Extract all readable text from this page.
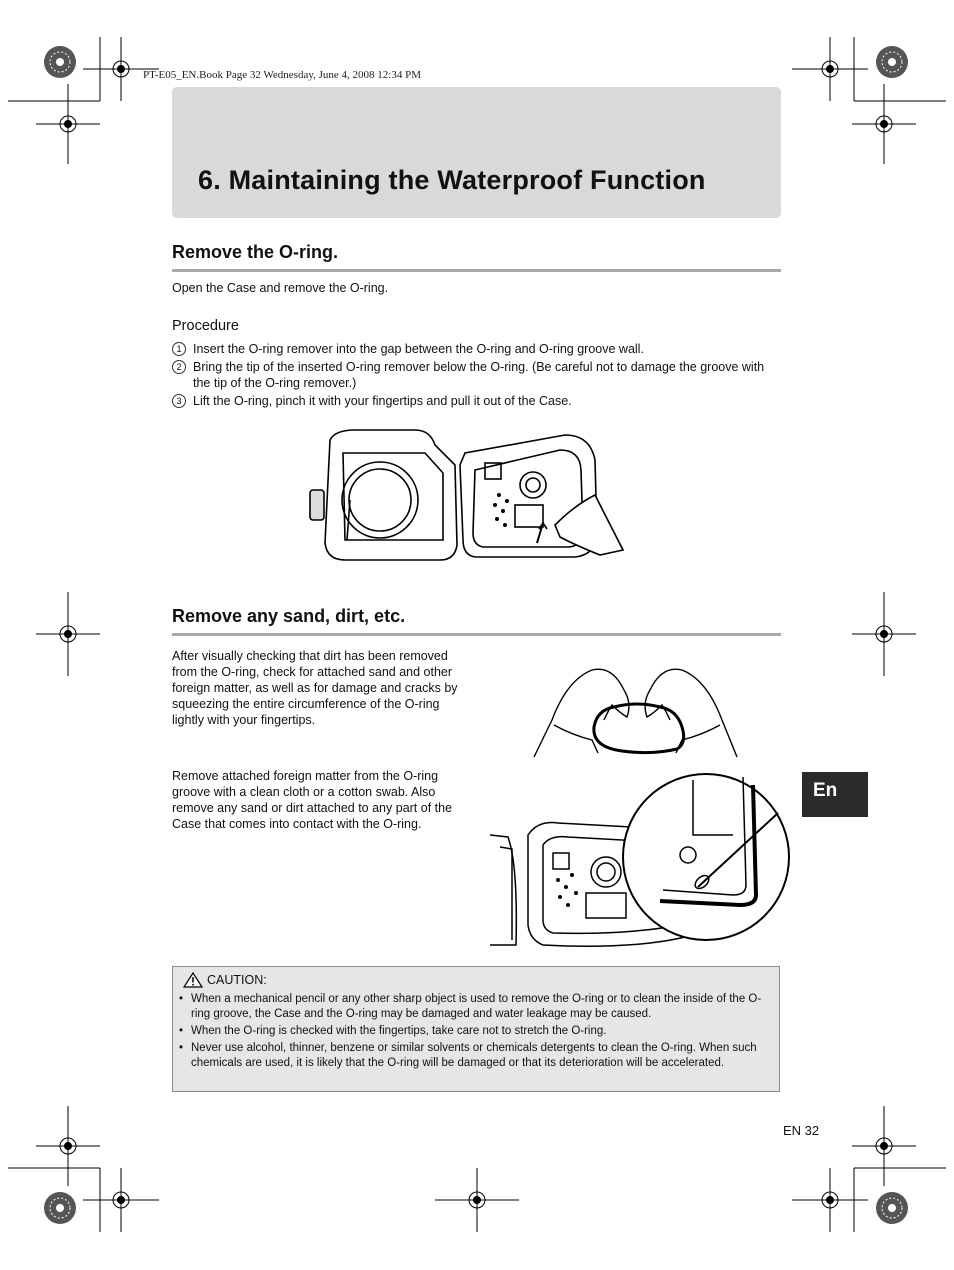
PT-E05_EN.Book Page 32 Wednesday, June 4, 2008 12:34 PM
6. Maintaining the Waterproof Function
Remove the O-ring.
Open the Case and remove the O-ring.
Procedure
1 Insert the O-ring remover into the gap between the O-ring and O-ring groove wall.
2 Bring the tip of the inserted O-ring remover below the O-ring. (Be careful not to damage the groove with the tip of the O-ring remover.)
3 Lift the O-ring, pinch it with your fingertips and pull it out of the Case.
Remove any sand, dirt, etc.
After visually checking that dirt has been removed from the O-ring, check for attached sand and other foreign matter, as well as for damage and cracks by squeezing the entire circumference of the O-ring lightly with your fingertips.
Remove attached foreign matter from the O-ring groove with a clean cloth or a cotton swab. Also remove any sand or dirt attached to any part of the Case that comes into contact with the O-ring.
CAUTION:
• When a mechanical pencil or any other sharp object is used to remove the O-ring or to clean the inside of the O-ring groove, the Case and the O-ring may be damaged and water leakage may be caused.
• When the O-ring is checked with the fingertips, take care not to stretch the O-ring.
• Never use alcohol, thinner, benzene or similar solvents or chemicals detergents to clean the O-ring. When such chemicals are used, it is likely that the O-ring will be damaged or that its deterioration will be accelerated.
En
EN 32
